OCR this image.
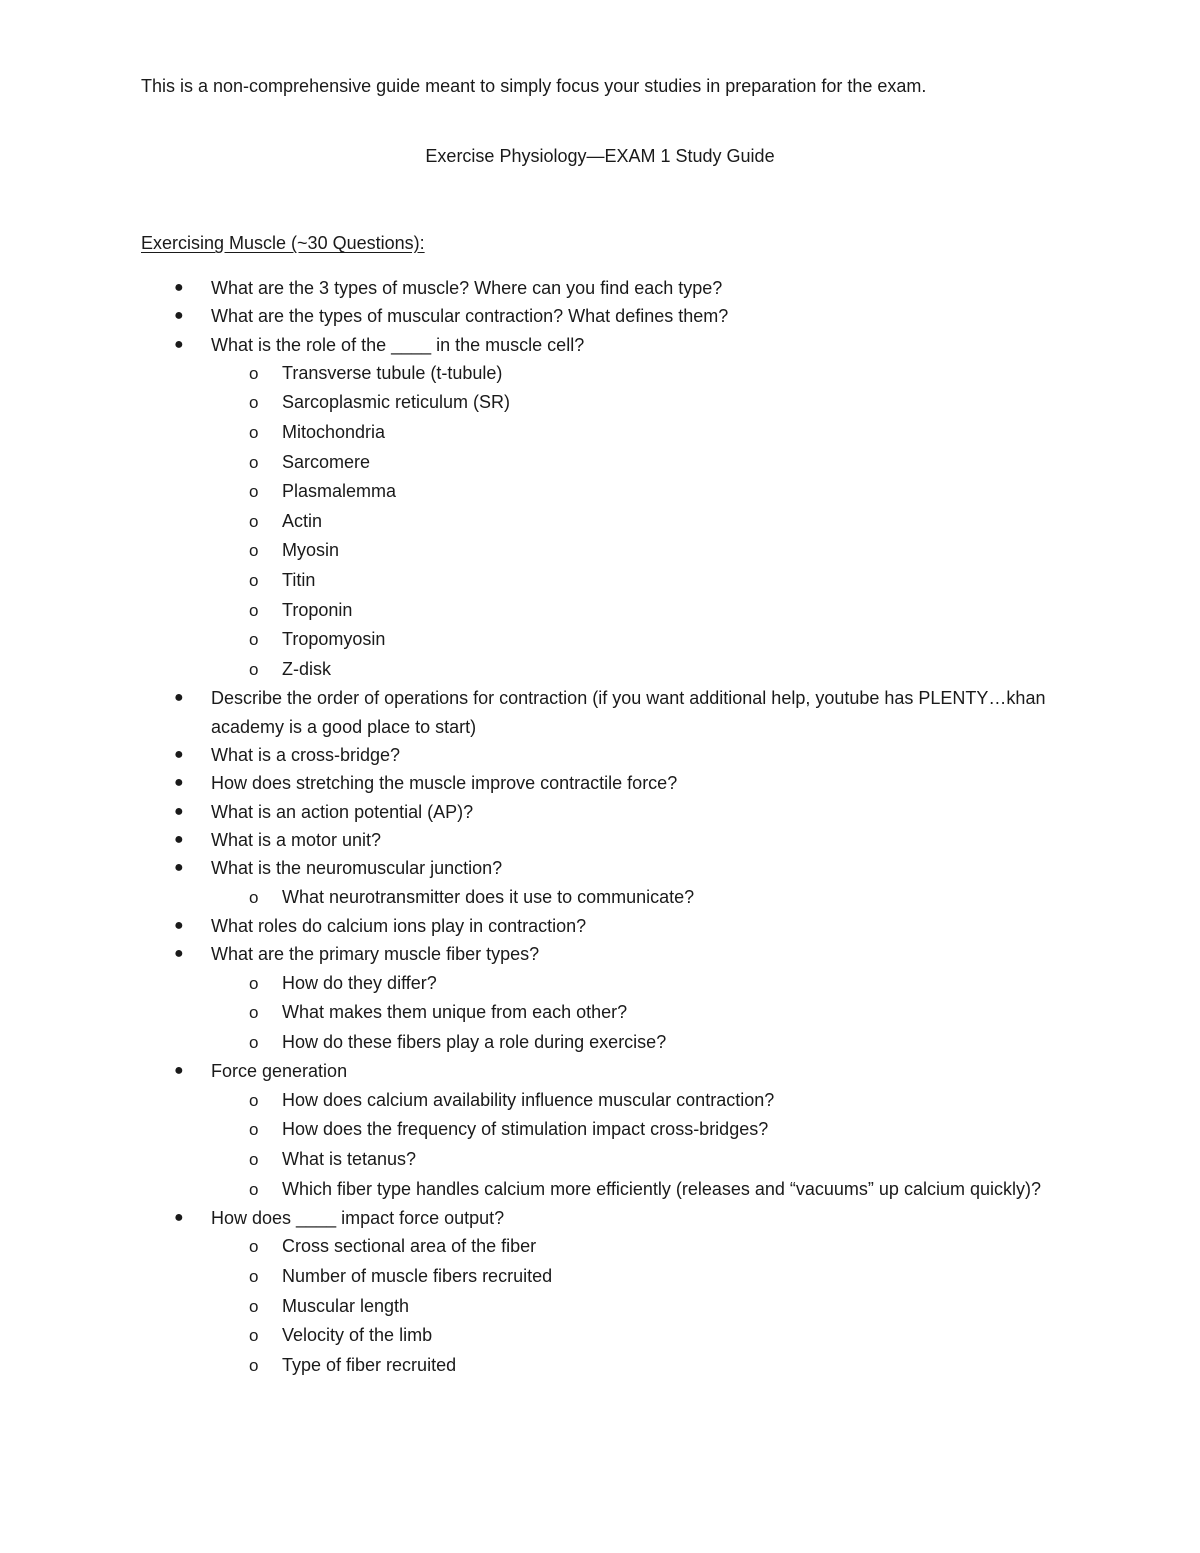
This is a non-comprehensive guide meant to simply focus your studies in preparation for the exam.
Exercise Physiology—EXAM 1 Study Guide
Exercising Muscle (~30 Questions):
● What are the 3 types of muscle? Where can you find each type?
● What are the types of muscular contraction? What defines them?
● What is the role of the ____ in the muscle cell?
o Transverse tubule (t-tubule)
o Sarcoplasmic reticulum (SR)
o Mitochondria
o Sarcomere
o Plasmalemma
o Actin
o Myosin
o Titin
o Troponin
o Tropomyosin
o Z-disk
● Describe the order of operations for contraction (if you want additional help, youtube has PLENTY…khan academy is a good place to start)
● What is a cross-bridge?
● How does stretching the muscle improve contractile force?
● What is an action potential (AP)?
● What is a motor unit?
● What is the neuromuscular junction?
o What neurotransmitter does it use to communicate?
● What roles do calcium ions play in contraction?
● What are the primary muscle fiber types?
o How do they differ?
o What makes them unique from each other?
o How do these fibers play a role during exercise?
● Force generation
o How does calcium availability influence muscular contraction?
o How does the frequency of stimulation impact cross-bridges?
o What is tetanus?
o Which fiber type handles calcium more efficiently (releases and “vacuums” up calcium quickly)?
● How does ____ impact force output?
o Cross sectional area of the fiber
o Number of muscle fibers recruited
o Muscular length
o Velocity of the limb
o Type of fiber recruited
